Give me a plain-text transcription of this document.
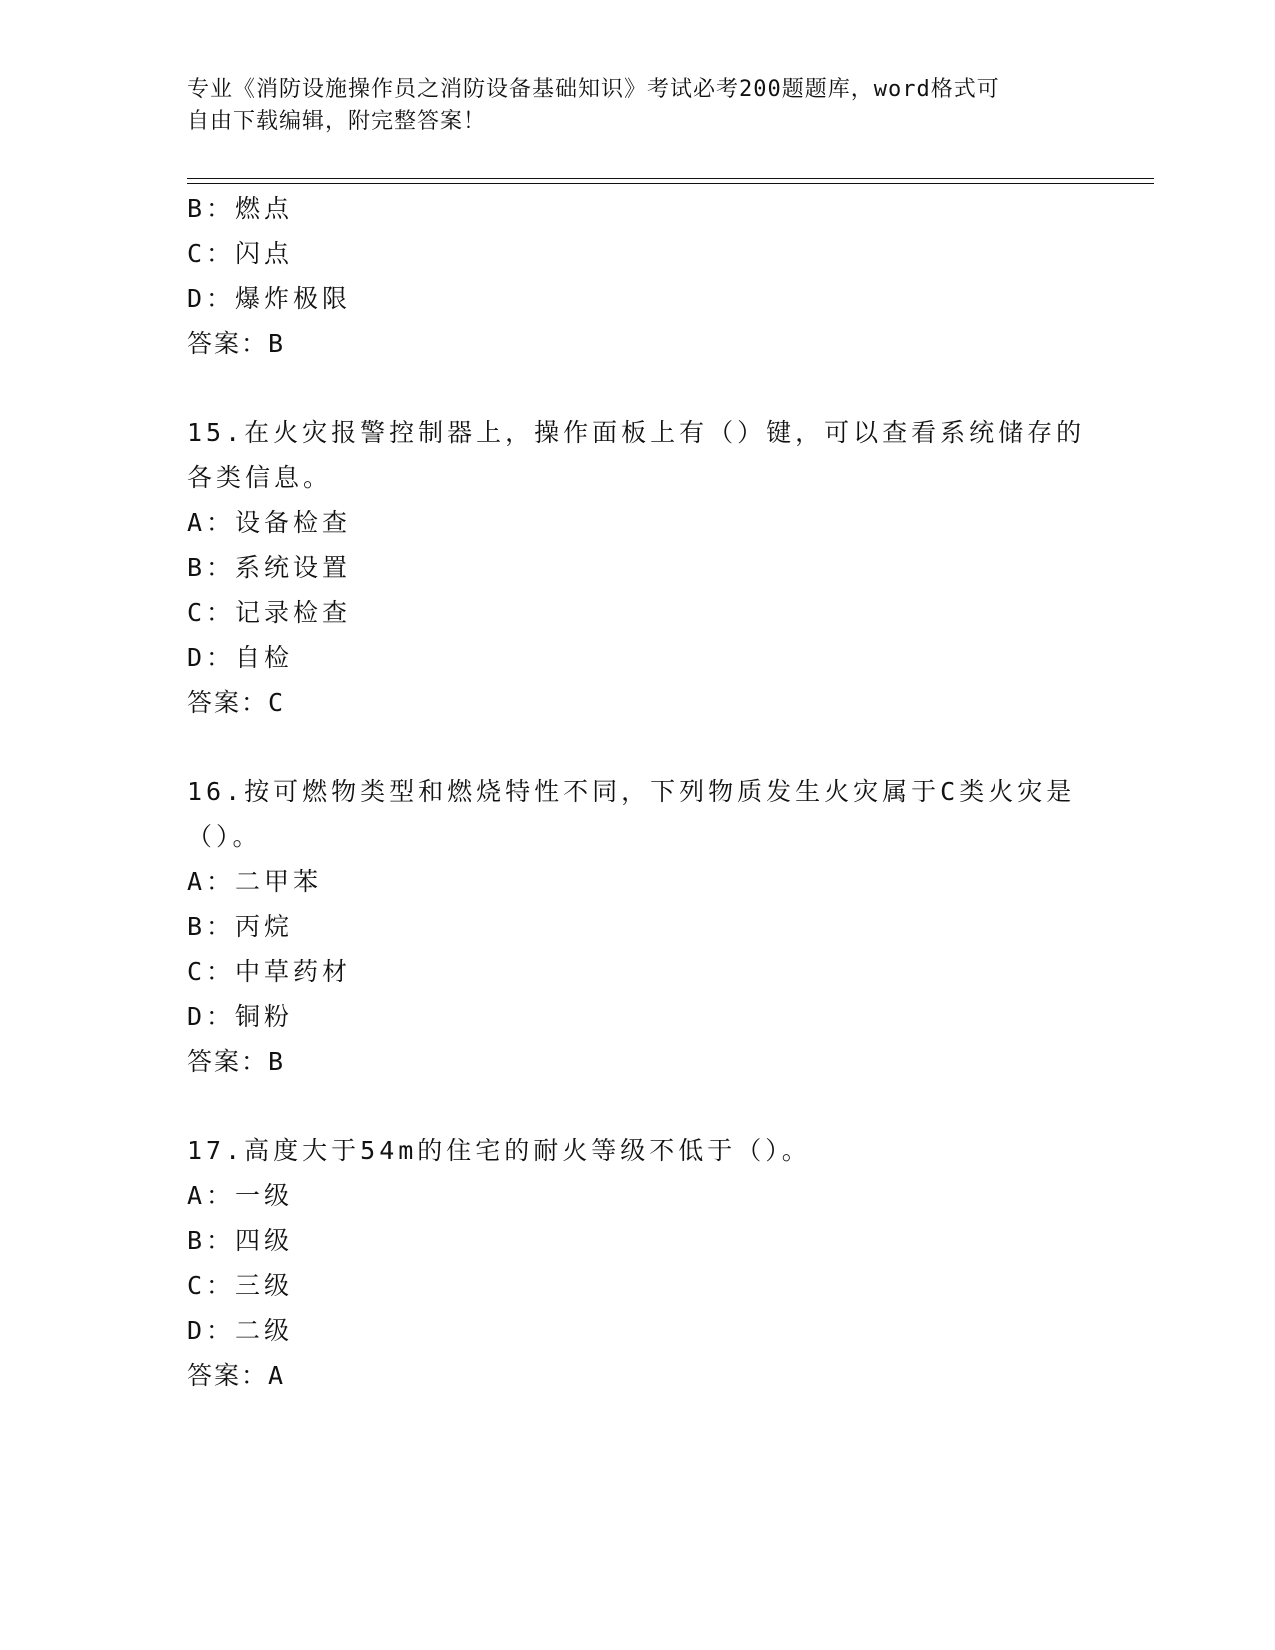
专业《消防设施操作员之消防设备基础知识》考试必考200题题库，word格式可
自由下载编辑，附完整答案！
B：燃点
C：闪点
D：爆炸极限
答案：B
15.在火灾报警控制器上，操作面板上有（）键，可以查看系统储存的
各类信息。
A：设备检查
B：系统设置
C：记录检查
D：自检
答案：C
16.按可燃物类型和燃烧特性不同，下列物质发生火灾属于C类火灾是
（）。
A：二甲苯
B：丙烷
C：中草药材
D：铜粉
答案：B
17.高度大于54m的住宅的耐火等级不低于（）。
A：一级
B：四级
C：三级
D：二级
答案：A
